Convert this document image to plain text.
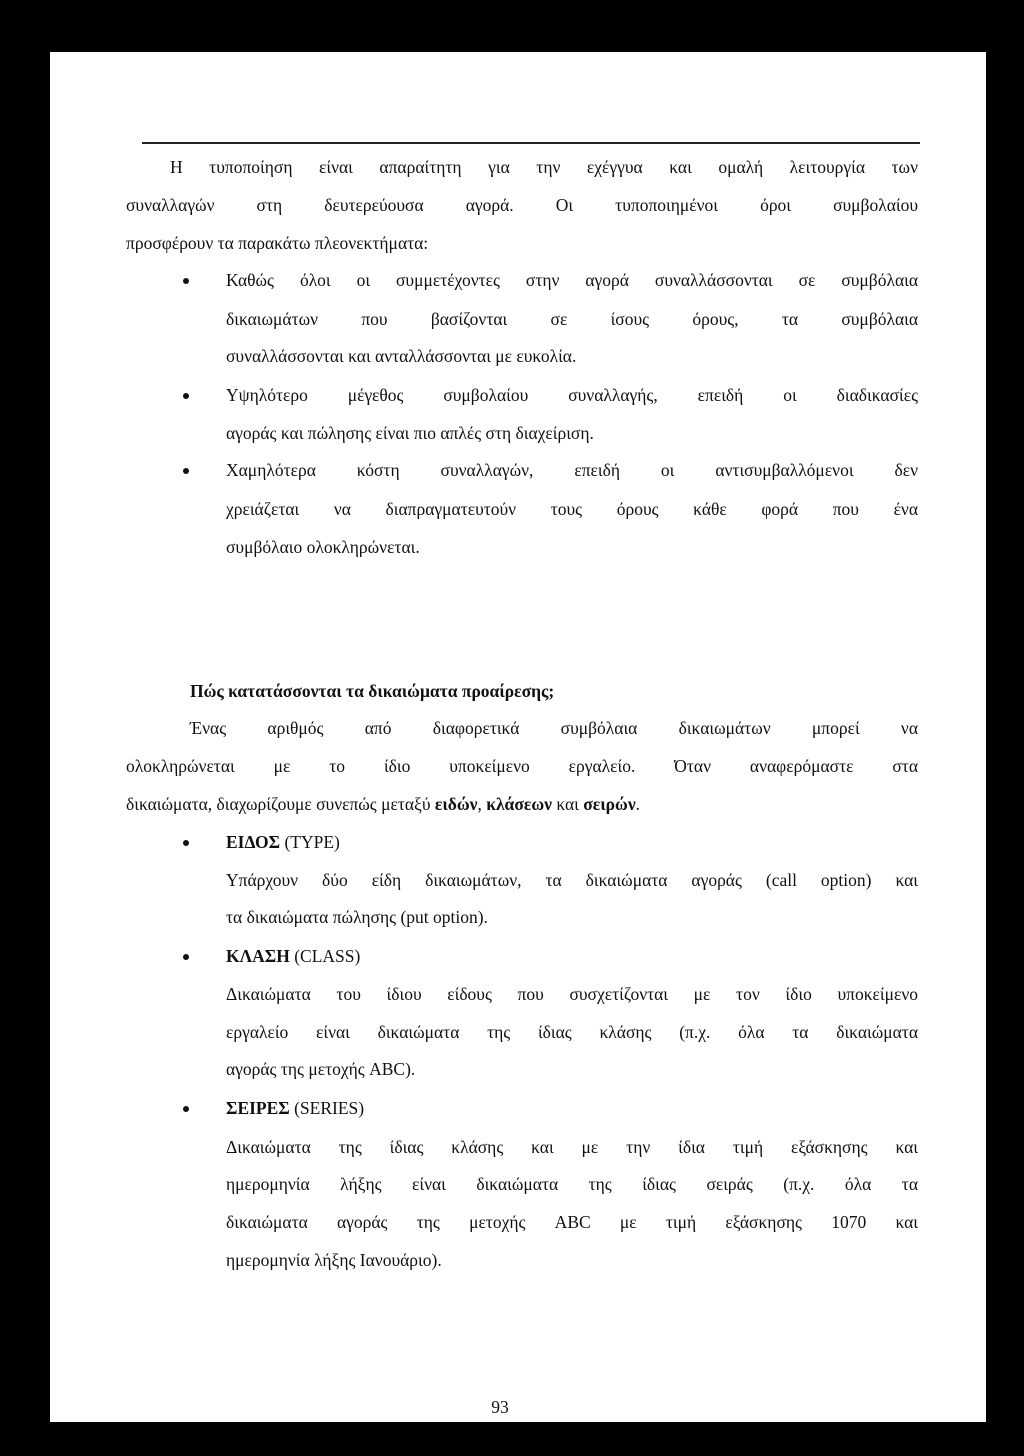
Η τυποποίηση είναι απαραίτητη για την εχέγγυα και ομαλή λειτουργία των
συναλλαγών στη δευτερεύουσα αγορά. Οι τυποποιημένοι όροι συμβολαίου
προσφέρουν τα παρακάτω πλεονεκτήματα:
Καθώς όλοι οι συμμετέχοντες στην αγορά συναλλάσσονται σε συμβόλαια
δικαιωμάτων που βασίζονται σε ίσους όρους, τα συμβόλαια
συναλλάσσονται και ανταλλάσσονται με ευκολία.
Υψηλότερο μέγεθος συμβολαίου συναλλαγής, επειδή οι διαδικασίες
αγοράς και πώλησης είναι πιο απλές στη διαχείριση.
Χαμηλότερα κόστη συναλλαγών, επειδή οι αντισυμβαλλόμενοι δεν
χρειάζεται να διαπραγματευτούν τους όρους κάθε φορά που ένα
συμβόλαιο ολοκληρώνεται.
Πώς κατατάσσονται τα δικαιώματα προαίρεσης;
Ένας αριθμός από διαφορετικά συμβόλαια δικαιωμάτων μπορεί να
ολοκληρώνεται με το ίδιο υποκείμενο εργαλείο. Όταν αναφερόμαστε στα
δικαιώματα, διαχωρίζουμε συνεπώς μεταξύ ειδών, κλάσεων και σειρών.
ΕΙΔΟΣ (TYPE)
Υπάρχουν δύο είδη δικαιωμάτων, τα δικαιώματα αγοράς (call option) και
τα δικαιώματα πώλησης (put option).
ΚΛΑΣΗ (CLASS)
Δικαιώματα του ίδιου είδους που συσχετίζονται με τον ίδιο υποκείμενο
εργαλείο είναι δικαιώματα της ίδιας κλάσης (π.χ. όλα τα δικαιώματα
αγοράς της μετοχής ABC).
ΣΕΙΡΕΣ (SERIES)
Δικαιώματα της ίδιας κλάσης και με την ίδια τιμή εξάσκησης και
ημερομηνία λήξης είναι δικαιώματα της ίδιας σειράς (π.χ. όλα τα
δικαιώματα αγοράς της μετοχής ABC με τιμή εξάσκησης 1070 και
ημερομηνία λήξης Ιανουάριο).
93
